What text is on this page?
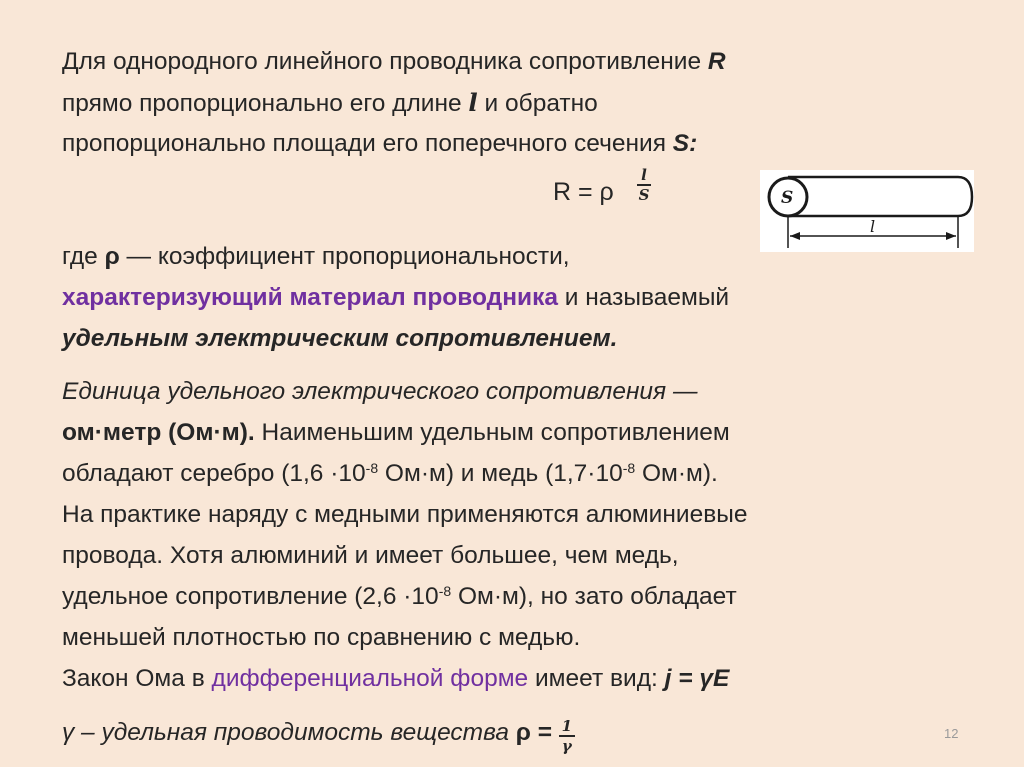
Для однородного линейного проводника сопротивление R
прямо пропорционально его длине l и обратно
пропорционально площади его поперечного сечения S:
R = ρ
l
S	S
l
где ρ — коэффициент пропорциональности,
характеризующий материал проводника и называемый
удельным электрическим сопротивлением.
Единица удельного электрического сопротивления —
ом·метр (Ом·м). Наименьшим удельным сопротивлением
обладают серебро ($1,6 \cdot 10^{-8}$ Ом·м) и медь ($1,7\cdot 10^{-8}$ Ом·м).
На практике наряду с медными применяются алюминиевые
провода. Хотя алюминий и имеет большее, чем медь,
удельное сопротивление ($2,6 \cdot 10^{-8}$ Ом·м), но зато обладает
меньшей плотностью по сравнению с медью.
Закон Ома в дифференциальной форме имеет вид: j = γE
γ – удельная проводимость вещества $\rho = \frac{1}{\gamma}$	12
